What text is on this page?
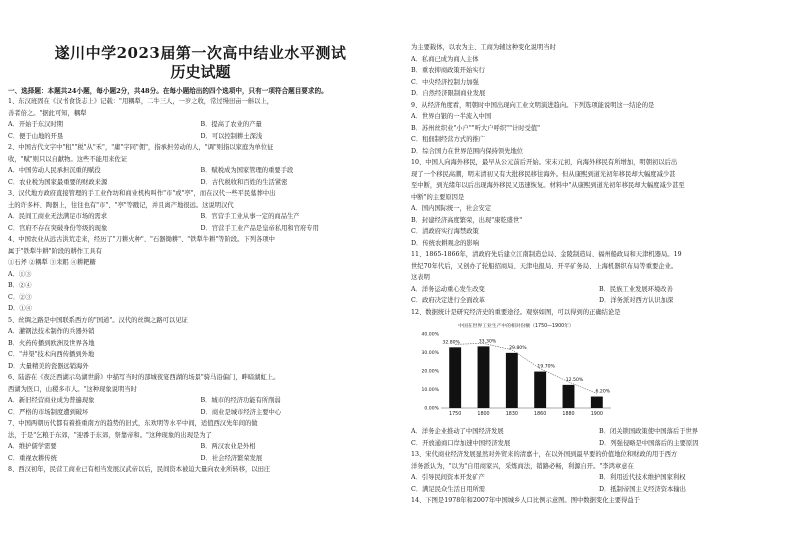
遂川中学2023届第一次高中结业水平测试
历史试题
一、选择题：本题共24小题，每小题2分，共48分。在每小题给出的四个选项中，只有一项符合题目要求的。
1、东汉班固在《汉书食货志上》记载："用耦犁，二牛三人，一岁之收，常过缦田亩一斛以上，
善者倍之。"据此可知，耦犁
A．开始于东汉时期	B．提高了农业的产量
C．便于山地的开垦	D．可以控制耕土深浅
2、中国古代文字中"租""税"从"禾"，"庸"字同"佣"，指承担劳动的人，"调"则指以家庭为单位征
收，"赋"则只以自献物。这些不能用来佐证
A．中国劳动人民承担沉重的赋役	B．赋税成为国家管理的重要手段
C．农业税为国家最重要的财政来源	D．古代税收和百姓的生活紧密
3、汉代地方政府直接管理的手工业作坊和商业机构叫作"市"或"亭"，而在汉代一些平民墓葬中出
土的许多杯、陶器上，往往也有"市"、"亭"等戳记，并且离产地很远。这说明汉代
A．民间工商业无法满足市场的需求	B．官营手工业从事一定的商品生产
C．官府不存在突破身份等级的现象	D．官营手工业产品是皇帝私用和官府专用
4、中国农业从远古洪荒走来，经历了"刀耕火种"、"石器锄耕"、"铁犁牛耕"等阶段。下列各项中
属于"铁犁牛耕"阶段的耕作工具有
①石斧 ②耦犁 ③耒耜 ④耕耙糖
A．①③
B．②④
C．②③
D．①④
5、丝绸之路是中国联系西方的"国道"。汉代的丝绸之路可以见证
A．灌钢法技术制作的兵器外销
B．火药传播到欧洲及世界各地
C．"井渠"技术向西传播到外地
D．大量精美的瓷器远销海外
6、陆游在《夜泛西湖示岛湖世爵》中描写当时的部城夜宴西湖的场景"骑马沿偏门，畔暗湖虹上。
西湖为医口，山稷多市人。"这种现象说明当时
A．新旧经营商业成为普遍现象	B．城市的经济功能有所削弱
C．严格的市场制度遭到破坏	D．商业是城市经济主要中心
7、中国两朝历代都有着推重南方的趋势的旧式，东欢明等水平中间，适值西汉先年间的做
法，于是"乞粮于东郊，"迎番于东郊，祭靠帝和。"这种现象的出现是为了
A．维护儒学需要	B．两汉农业是外相
C．重视农耕传统	D．社会经济繁荣发展
8、西汉初年，民营工商业已有相当发展汉武帝以后，民间资本被迫大量向农业所转移，以田庄
为主要载体，以农为主、工商为辅这种变化说明当时
A．私商已成为商人主体
B．重农抑商政策开始实行
C．中央经济控制力加强
D．自然经济限制商业发展
9、从经济角度看，明朝时中国出现向工业文明演进趋向。下列选项能说明这一结论的是
A．世界白银的一半流入中国
B．苏州丝织业"小户""听大户呼织""计时受值"
C．租佃制经营方式的推广
D．综合国力在世界范围内保持领先地位
10、中国人向海外移民，最早从公元前后开始。宋末元初，向海外移民有所增加，明朝初以后出
现了一个移民高潮，明末清初又有大批移民移往海外。但从康熙到道光初年移民却大幅度减少甚
至中断，到光绪年以后出现海外移民又迅速恢复。材料中"从康熙到道光初年移民却大幅度减少甚至
中断"的主要原因是
A．国内国际统一，社会安定
B．封建经济高度繁荣，出现"康乾盛世"
C．清政府实行海禁政策
D．传统农耕观念的影响
11、1865-1866年，清政府先后建立江南制造总局、金陵制造局、福州船政局和天津机器局。19
世纪70年代后，又创办了轮船招商局、天津电报局、开平矿务局、上海机器织布局等重要企业。
这表明
A．洋务运动重心发生改变	B．民族工业发展环境改善
C．政府决定进行全面改革	D．洋务派对西方认识加深
12、数据统计是研究经济史的重要途径。观察如图，可以得到的正确结论是
中国在世界工业生产中的相对份额（1750—1900年）
0.00%
10.00%
20.00%
30.00%
40.00%
1750	1800	1830	1860	1880	1900
32.80%	33.30%
29.80%
19.70%
12.50%
6.20%
A．洋务企业推动了中国经济发展	B．闭关锁国政策使中国落后于世界
C．开放通商口岸加速中国经济发展	D．列强侵略是中国落后的主要原因
13、宋代商业经济发展显然对外贸来的清嘉十，在以外国到最早要的价值地位和财政的用于西方
洋务派认为，"以为"自用商家兴，采炼商法，销路必畅，利源自开。"李鸿章意在
A．引导民间资本开发矿产	B．利用近代技术维护国家利权
C．满足民众生活日用所需	D．抵制帝国主义经济资本输出
14、下图是1978年和2007年中国城乡人口比例示意图。图中数据变化主要得益于
